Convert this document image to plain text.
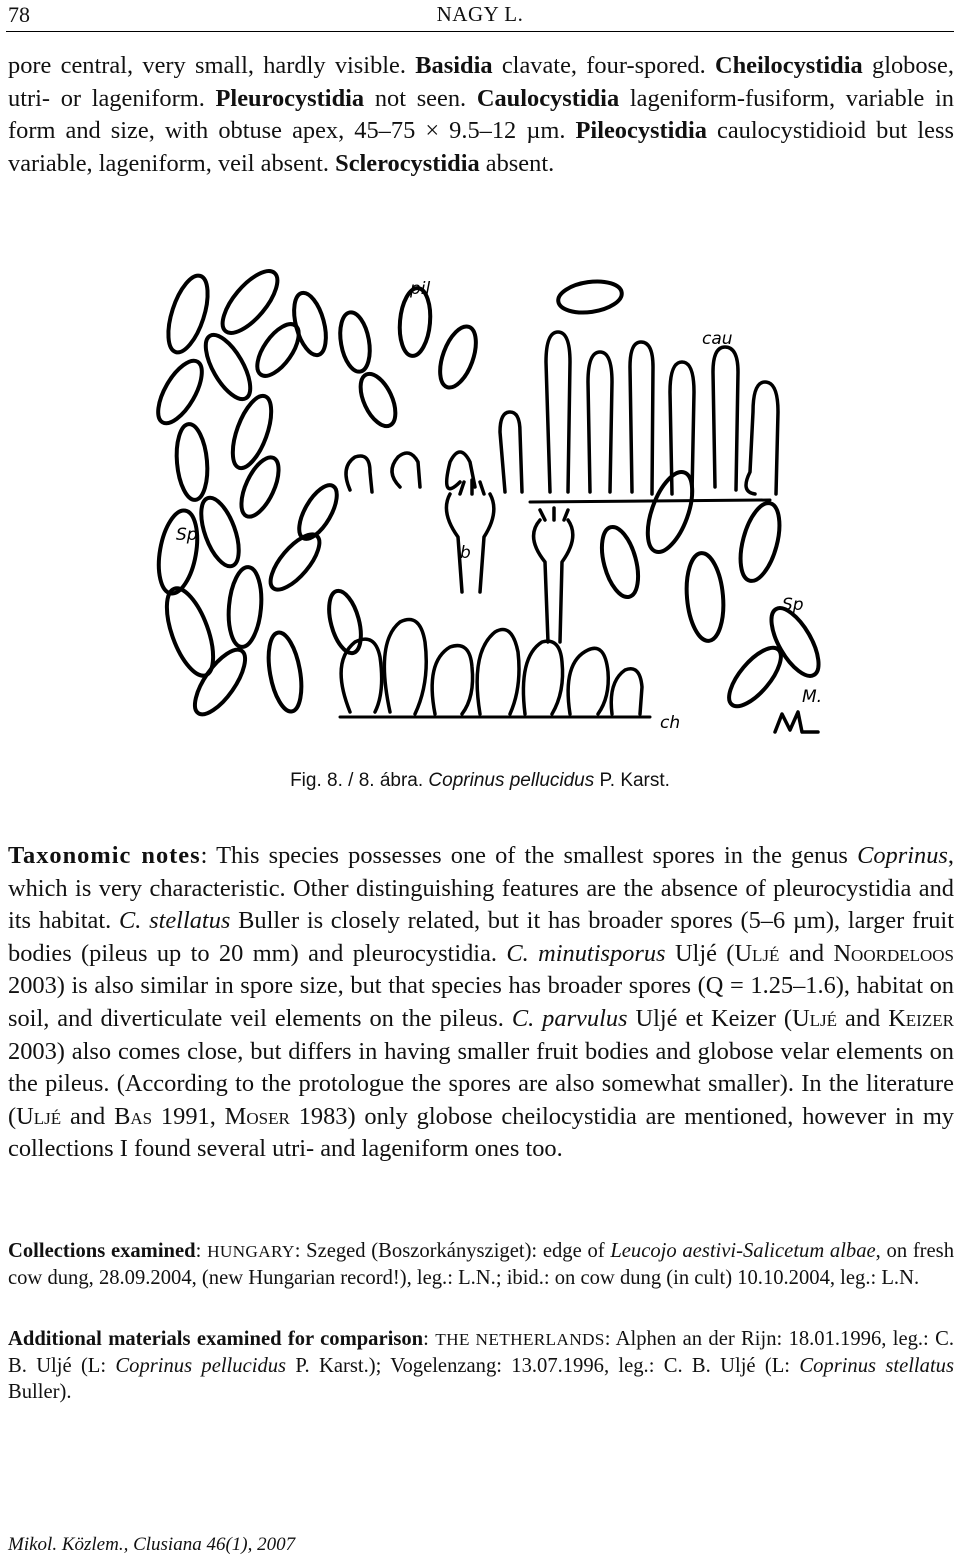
78	NAGY L.

pore central, very small, hardly visible. Basidia clavate, four-spored. Cheilocystidia globose, utri- or lageniform. Pleurocystidia not seen. Caulocystidia lageniform-fusiform, variable in form and size, with obtuse apex, 45–75 × 9.5–12 µm. Pileocystidia caulocystidioid but less variable, lageniform, veil absent. Sclerocystidia absent.

pil
cau
Sp
Sp
b
ch
M.
Fig. 8. / 8. ábra. Coprinus pellucidus P. Karst.

Taxonomic notes: This species possesses one of the smallest spores in the genus Coprinus, which is very characteristic. Other distinguishing features are the absence of pleurocystidia and its habitat. C. stellatus Buller is closely related, but it has broader spores (5–6 µm), larger fruit bodies (pileus up to 20 mm) and pleurocystidia. C. minutisporus Uljé (Uljé and Noordeloos 2003) is also similar in spore size, but that species has broader spores (Q = 1.25–1.6), habitat on soil, and diverticulate veil elements on the pileus. C. parvulus Uljé et Keizer (Uljé and Keizer 2003) also comes close, but differs in having smaller fruit bodies and globose velar elements on the pileus. (According to the protologue the spores are also somewhat smaller). In the literature (Uljé and Bas 1991, Moser 1983) only globose cheilocystidia are mentioned, however in my collections I found several utri- and lageniform ones too.

Collections examined: HUNGARY: Szeged (Boszorkánysziget): edge of Leucojo aestivi-Salicetum albae, on fresh cow dung, 28.09.2004, (new Hungarian record!), leg.: L.N.; ibid.: on cow dung (in cult) 10.10.2004, leg.: L.N.

Additional materials examined for comparison: THE NETHERLANDS: Alphen an der Rijn: 18.01.1996, leg.: C. B. Uljé (L: Coprinus pellucidus P. Karst.); Vogelenzang: 13.07.1996, leg.: C. B. Uljé (L: Coprinus stellatus Buller).

Mikol. Közlem., Clusiana 46(1), 2007
